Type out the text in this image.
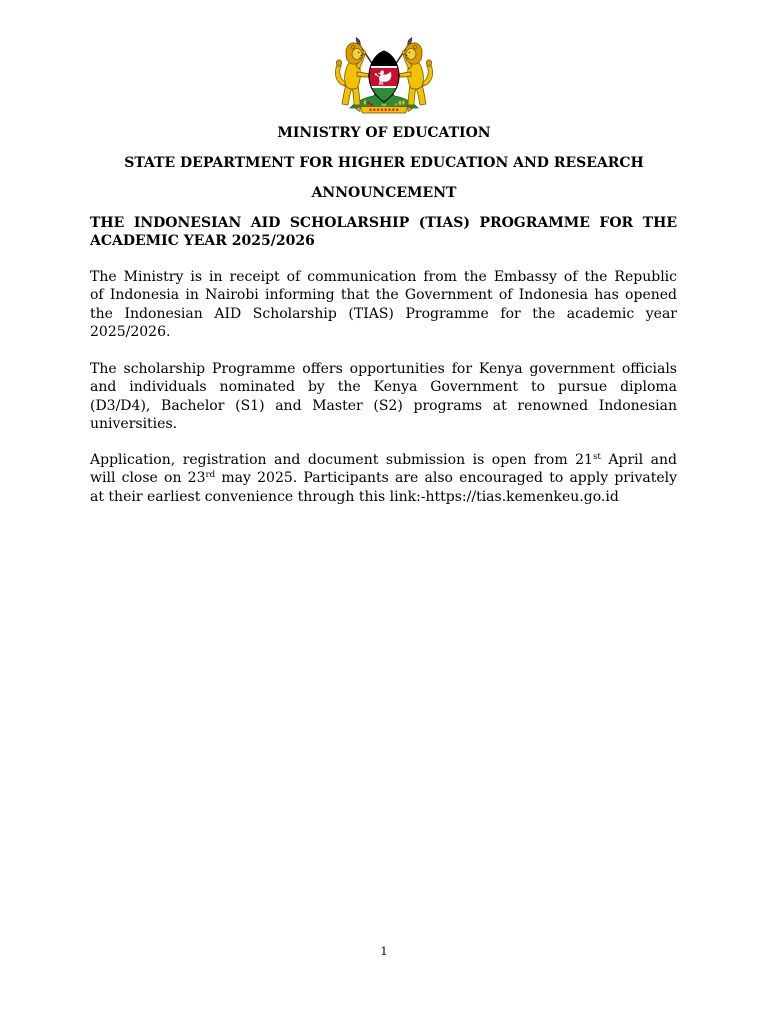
MINISTRY OF EDUCATION
STATE DEPARTMENT FOR HIGHER EDUCATION AND RESEARCH
ANNOUNCEMENT
THE INDONESIAN AID SCHOLARSHIP (TIAS) PROGRAMME FOR THE
ACADEMIC YEAR 2025/2026
The Ministry is in receipt of communication from the Embassy of the Republic
of Indonesia in Nairobi informing that the Government of Indonesia has opened
the Indonesian AID Scholarship (TIAS) Programme for the academic year
2025/2026.
The scholarship Programme offers opportunities for Kenya government officials
and individuals nominated by the Kenya Government to pursue diploma
(D3/D4), Bachelor (S1) and Master (S2) programs at renowned Indonesian
universities.
Application, registration and document submission is open from 21st April and
will close on 23rd may 2025. Participants are also encouraged to apply privately
at their earliest convenience through this link:-https://tias.kemenkeu.go.id
1
